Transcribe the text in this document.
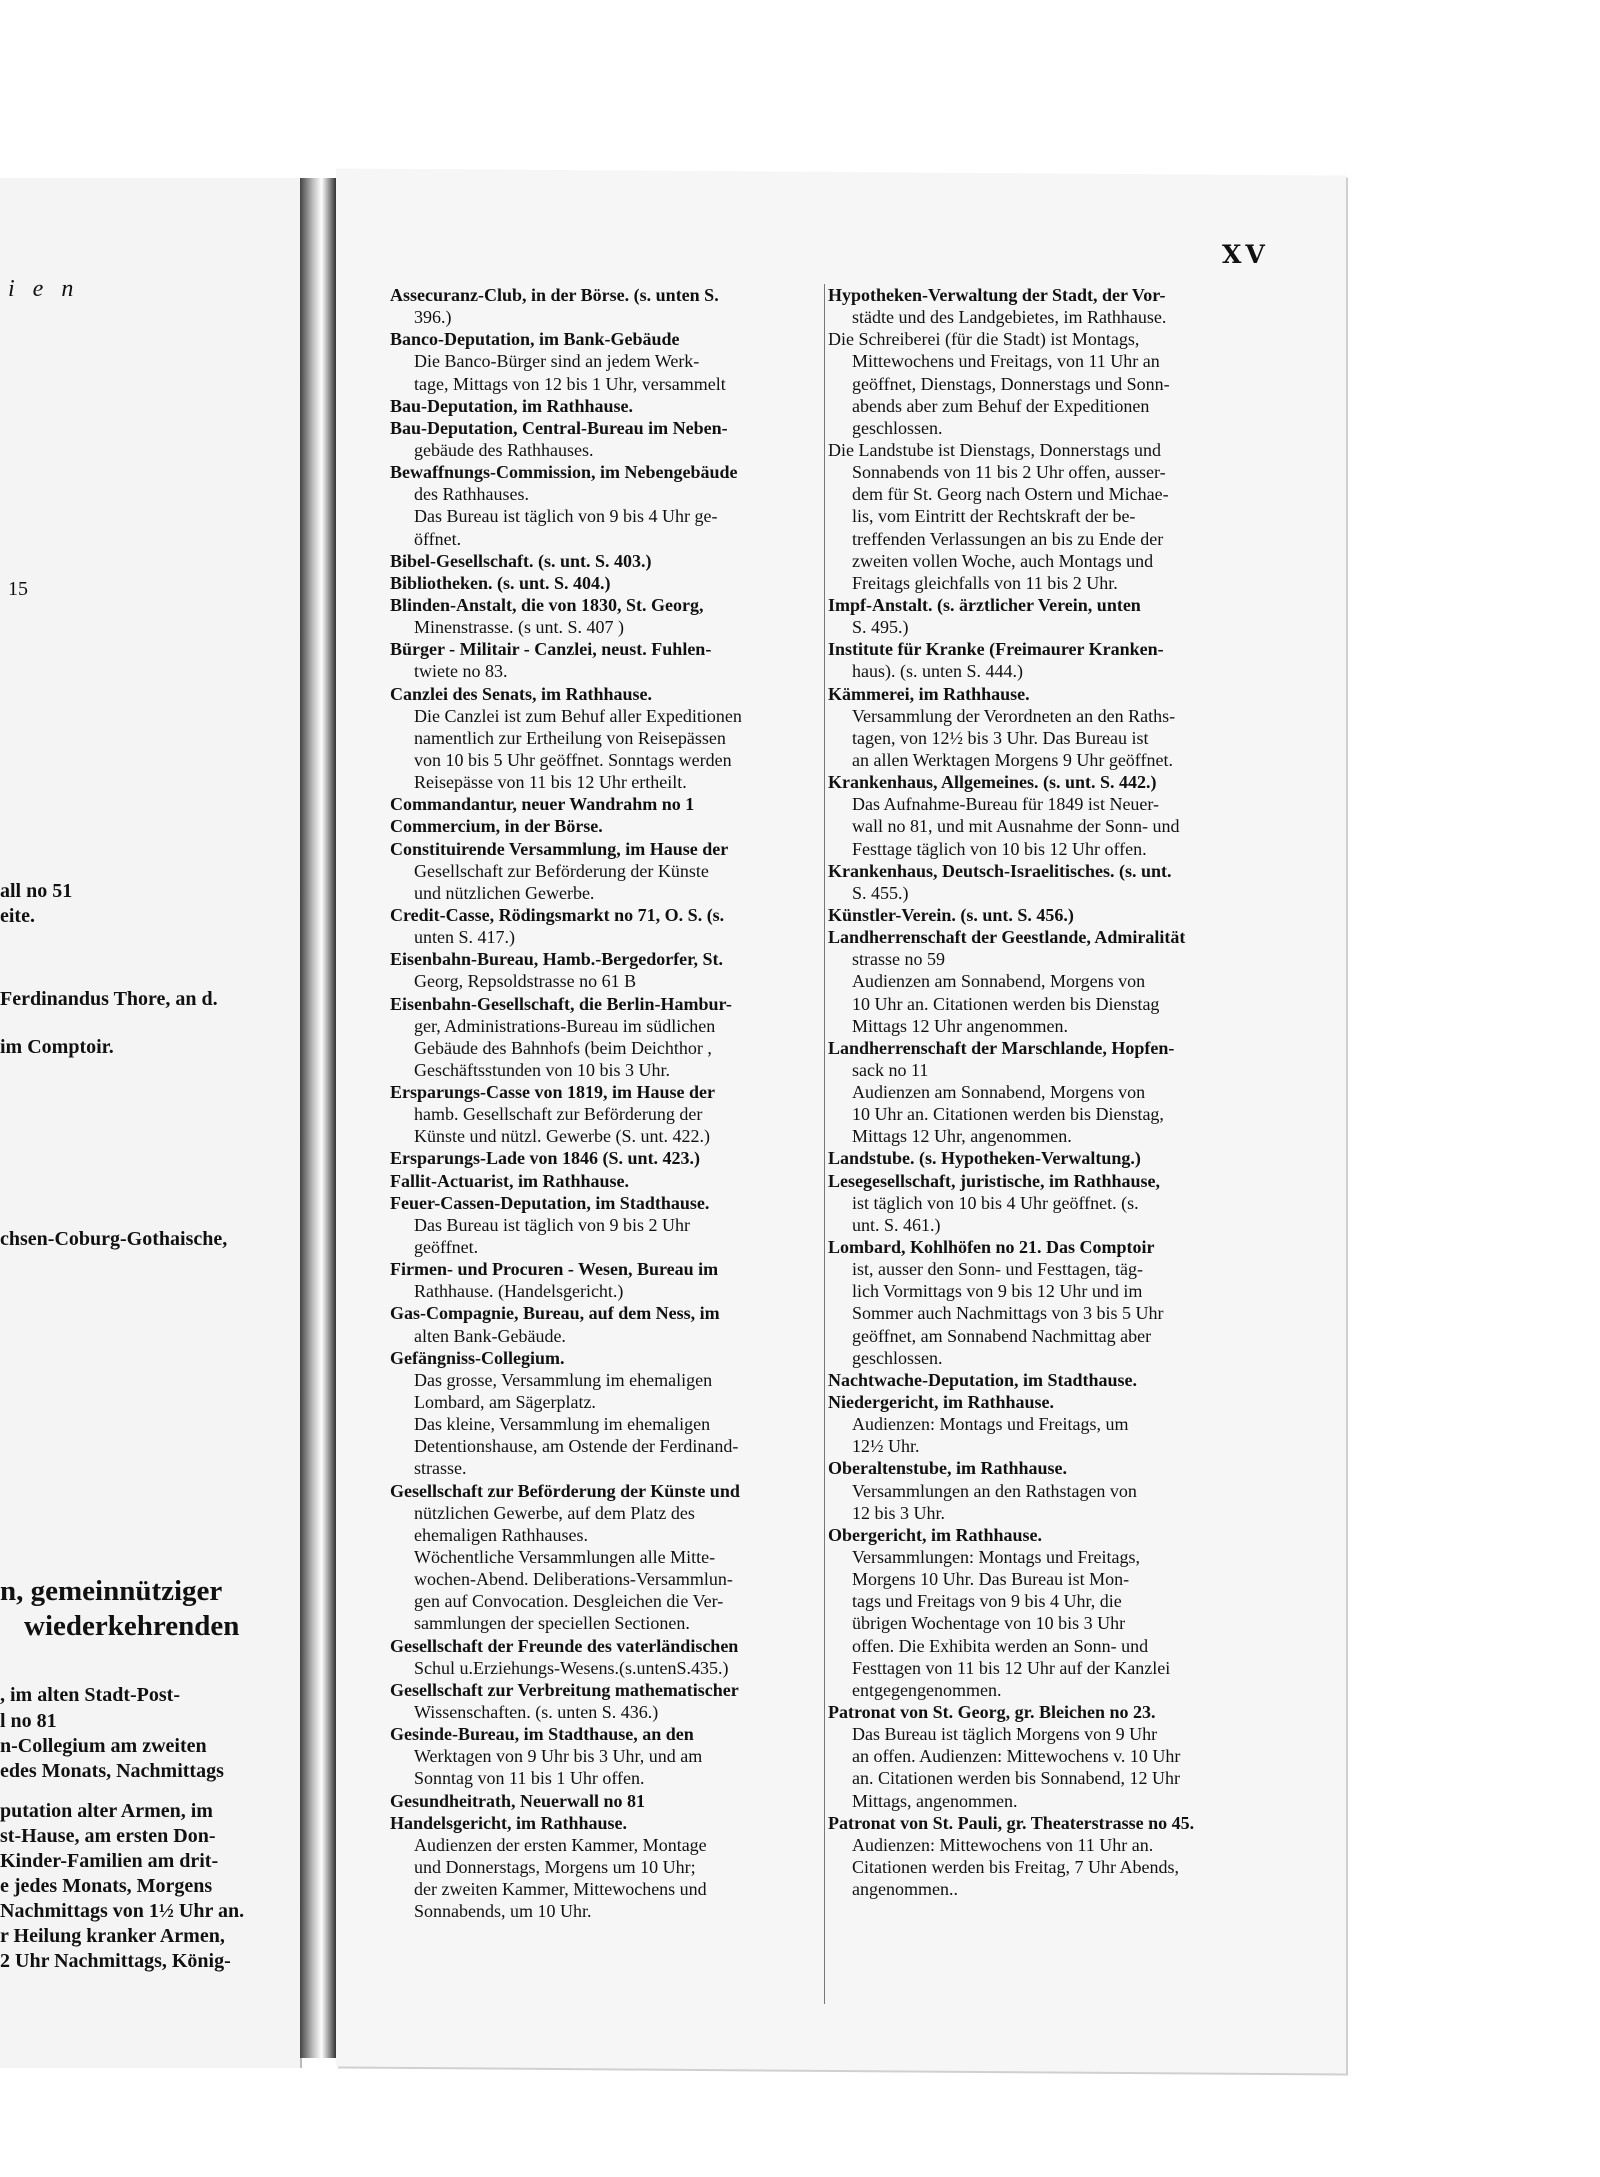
XV
i e n
15
all no 51
eite.
Ferdinandus Thore, an d.
im Comptoir.
chsen-Coburg-Gothaische,
n, gemeinnütziger
wiederkehrenden
, im alten Stadt-Post-
l no 81
n-Collegium am zweiten
edes Monats, Nachmittags
putation alter Armen, im
st-Hause, am ersten Don-
Kinder-Familien am drit-
e jedes Monats, Morgens
Nachmittags von 1½ Uhr an.
r Heilung kranker Armen,
2 Uhr Nachmittags, König-
Assecuranz-Club, in der Börse. (s. unten S.
396.)
Banco-Deputation, im Bank-Gebäude
Die Banco-Bürger sind an jedem Werk-
tage, Mittags von 12 bis 1 Uhr, versammelt
Bau-Deputation, im Rathhause.
Bau-Deputation, Central-Bureau im Neben-
gebäude des Rathhauses.
Bewaffnungs-Commission, im Nebengebäude
des Rathhauses.
Das Bureau ist täglich von 9 bis 4 Uhr ge-
öffnet.
Bibel-Gesellschaft. (s. unt. S. 403.)
Bibliotheken. (s. unt. S. 404.)
Blinden-Anstalt, die von 1830, St. Georg,
Minenstrasse. (s unt. S. 407 )
Bürger - Militair - Canzlei, neust. Fuhlen-
twiete no 83.
Canzlei des Senats, im Rathhause.
Die Canzlei ist zum Behuf aller Expeditionen
namentlich zur Ertheilung von Reisepässen
von 10 bis 5 Uhr geöffnet. Sonntags werden
Reisepässe von 11 bis 12 Uhr ertheilt.
Commandantur, neuer Wandrahm no 1
Commercium, in der Börse.
Constituirende Versammlung, im Hause der
Gesellschaft zur Beförderung der Künste
und nützlichen Gewerbe.
Credit-Casse, Rödingsmarkt no 71, O. S. (s.
unten S. 417.)
Eisenbahn-Bureau, Hamb.-Bergedorfer, St.
Georg, Repsoldstrasse no 61 B
Eisenbahn-Gesellschaft, die Berlin-Hambur-
ger, Administrations-Bureau im südlichen
Gebäude des Bahnhofs (beim Deichthor ,
Geschäftsstunden von 10 bis 3 Uhr.
Ersparungs-Casse von 1819, im Hause der
hamb. Gesellschaft zur Beförderung der
Künste und nützl. Gewerbe (S. unt. 422.)
Ersparungs-Lade von 1846 (S. unt. 423.)
Fallit-Actuarist, im Rathhause.
Feuer-Cassen-Deputation, im Stadthause.
Das Bureau ist täglich von 9 bis 2 Uhr
geöffnet.
Firmen- und Procuren - Wesen, Bureau im
Rathhause. (Handelsgericht.)
Gas-Compagnie, Bureau, auf dem Ness, im
alten Bank-Gebäude.
Gefängniss-Collegium.
Das grosse, Versammlung im ehemaligen
Lombard, am Sägerplatz.
Das kleine, Versammlung im ehemaligen
Detentionshause, am Ostende der Ferdinand-
strasse.
Gesellschaft zur Beförderung der Künste und
nützlichen Gewerbe, auf dem Platz des
ehemaligen Rathhauses.
Wöchentliche Versammlungen alle Mitte-
wochen-Abend. Deliberations-Versammlun-
gen auf Convocation. Desgleichen die Ver-
sammlungen der speciellen Sectionen.
Gesellschaft der Freunde des vaterländischen
Schul u.Erziehungs-Wesens.(s.untenS.435.)
Gesellschaft zur Verbreitung mathematischer
Wissenschaften. (s. unten S. 436.)
Gesinde-Bureau, im Stadthause, an den
Werktagen von 9 Uhr bis 3 Uhr, und am
Sonntag von 11 bis 1 Uhr offen.
Gesundheitrath, Neuerwall no 81
Handelsgericht, im Rathhause.
Audienzen der ersten Kammer, Montage
und Donnerstags, Morgens um 10 Uhr;
der zweiten Kammer, Mittewochens und
Sonnabends, um 10 Uhr.
Hypotheken-Verwaltung der Stadt, der Vor-
städte und des Landgebietes, im Rathhause.
Die Schreiberei (für die Stadt) ist Montags,
Mittewochens und Freitags, von 11 Uhr an
geöffnet, Dienstags, Donnerstags und Sonn-
abends aber zum Behuf der Expeditionen
geschlossen.
Die Landstube ist Dienstags, Donnerstags und
Sonnabends von 11 bis 2 Uhr offen, ausser-
dem für St. Georg nach Ostern und Michae-
lis, vom Eintritt der Rechtskraft der be-
treffenden Verlassungen an bis zu Ende der
zweiten vollen Woche, auch Montags und
Freitags gleichfalls von 11 bis 2 Uhr.
Impf-Anstalt. (s. ärztlicher Verein, unten
S. 495.)
Institute für Kranke (Freimaurer Kranken-
haus). (s. unten S. 444.)
Kämmerei, im Rathhause.
Versammlung der Verordneten an den Raths-
tagen, von 12½ bis 3 Uhr. Das Bureau ist
an allen Werktagen Morgens 9 Uhr geöffnet.
Krankenhaus, Allgemeines. (s. unt. S. 442.)
Das Aufnahme-Bureau für 1849 ist Neuer-
wall no 81, und mit Ausnahme der Sonn- und
Festtage täglich von 10 bis 12 Uhr offen.
Krankenhaus, Deutsch-Israelitisches. (s. unt.
S. 455.)
Künstler-Verein. (s. unt. S. 456.)
Landherrenschaft der Geestlande, Admiralität
strasse no 59
Audienzen am Sonnabend, Morgens von
10 Uhr an. Citationen werden bis Dienstag
Mittags 12 Uhr angenommen.
Landherrenschaft der Marschlande, Hopfen-
sack no 11
Audienzen am Sonnabend, Morgens von
10 Uhr an. Citationen werden bis Dienstag,
Mittags 12 Uhr, angenommen.
Landstube. (s. Hypotheken-Verwaltung.)
Lesegesellschaft, juristische, im Rathhause,
ist täglich von 10 bis 4 Uhr geöffnet. (s.
unt. S. 461.)
Lombard, Kohlhöfen no 21. Das Comptoir
ist, ausser den Sonn- und Festtagen, täg-
lich Vormittags von 9 bis 12 Uhr und im
Sommer auch Nachmittags von 3 bis 5 Uhr
geöffnet, am Sonnabend Nachmittag aber
geschlossen.
Nachtwache-Deputation, im Stadthause.
Niedergericht, im Rathhause.
Audienzen: Montags und Freitags, um
12½ Uhr.
Oberaltenstube, im Rathhause.
Versammlungen an den Rathstagen von
12 bis 3 Uhr.
Obergericht, im Rathhause.
Versammlungen: Montags und Freitags,
Morgens 10 Uhr. Das Bureau ist Mon-
tags und Freitags von 9 bis 4 Uhr, die
übrigen Wochentage von 10 bis 3 Uhr
offen. Die Exhibita werden an Sonn- und
Festtagen von 11 bis 12 Uhr auf der Kanzlei
entgegengenommen.
Patronat von St. Georg, gr. Bleichen no 23.
Das Bureau ist täglich Morgens von 9 Uhr
an offen. Audienzen: Mittewochens v. 10 Uhr
an. Citationen werden bis Sonnabend, 12 Uhr
Mittags, angenommen.
Patronat von St. Pauli, gr. Theaterstrasse no 45.
Audienzen: Mittewochens von 11 Uhr an.
Citationen werden bis Freitag, 7 Uhr Abends,
angenommen..
